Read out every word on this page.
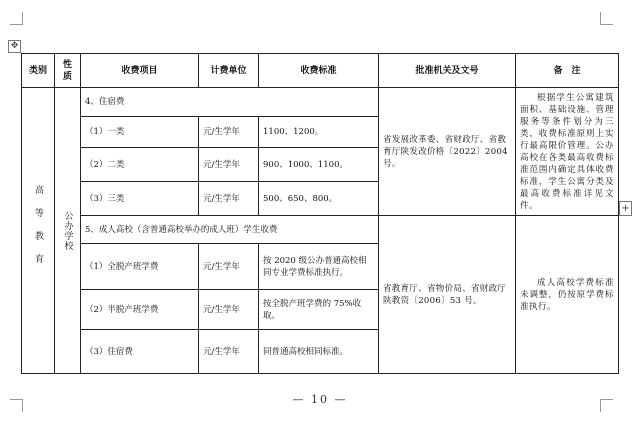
✥
+
类别	性质	收费项目	计费单位	收费标准	批准机关及文号	备　注

高等教育	公办学校	4、住宿费			省发展改革委、省财政厅、省教育厅陕发改价格〔2022〕2004 号。	根据学生公寓建筑面积、基础设施、管理服务等条件划分为三类，收费标准原则上实行最高限价管理。公办高校在各类最高收费标准范围内确定具体收费标准，学生公寓分类及最高收费标准详见文件。
		（1）一类	元/生学年	1100、1200。		
		（2）二类	元/生学年	900、1000、1100。		
		（3）三类	元/生学年	500、650、800。		
		5、成人高校（含普通高校举办的成人班）学生收费			省教育厅、省物价局、省财政厅陕教资〔2006〕53 号。	成人高校学费标准未调整，仍按原学费标准执行。
		（1）全脱产班学费	元/生学年	按 2020 级公办普通高校相同专业学费标准执行。		
		（2）半脱产班学费	元/生学年	按全脱产班学费的 75%收取。		
		（3）住宿费	元/生学年	同普通高校相同标准。		
— 10 —
